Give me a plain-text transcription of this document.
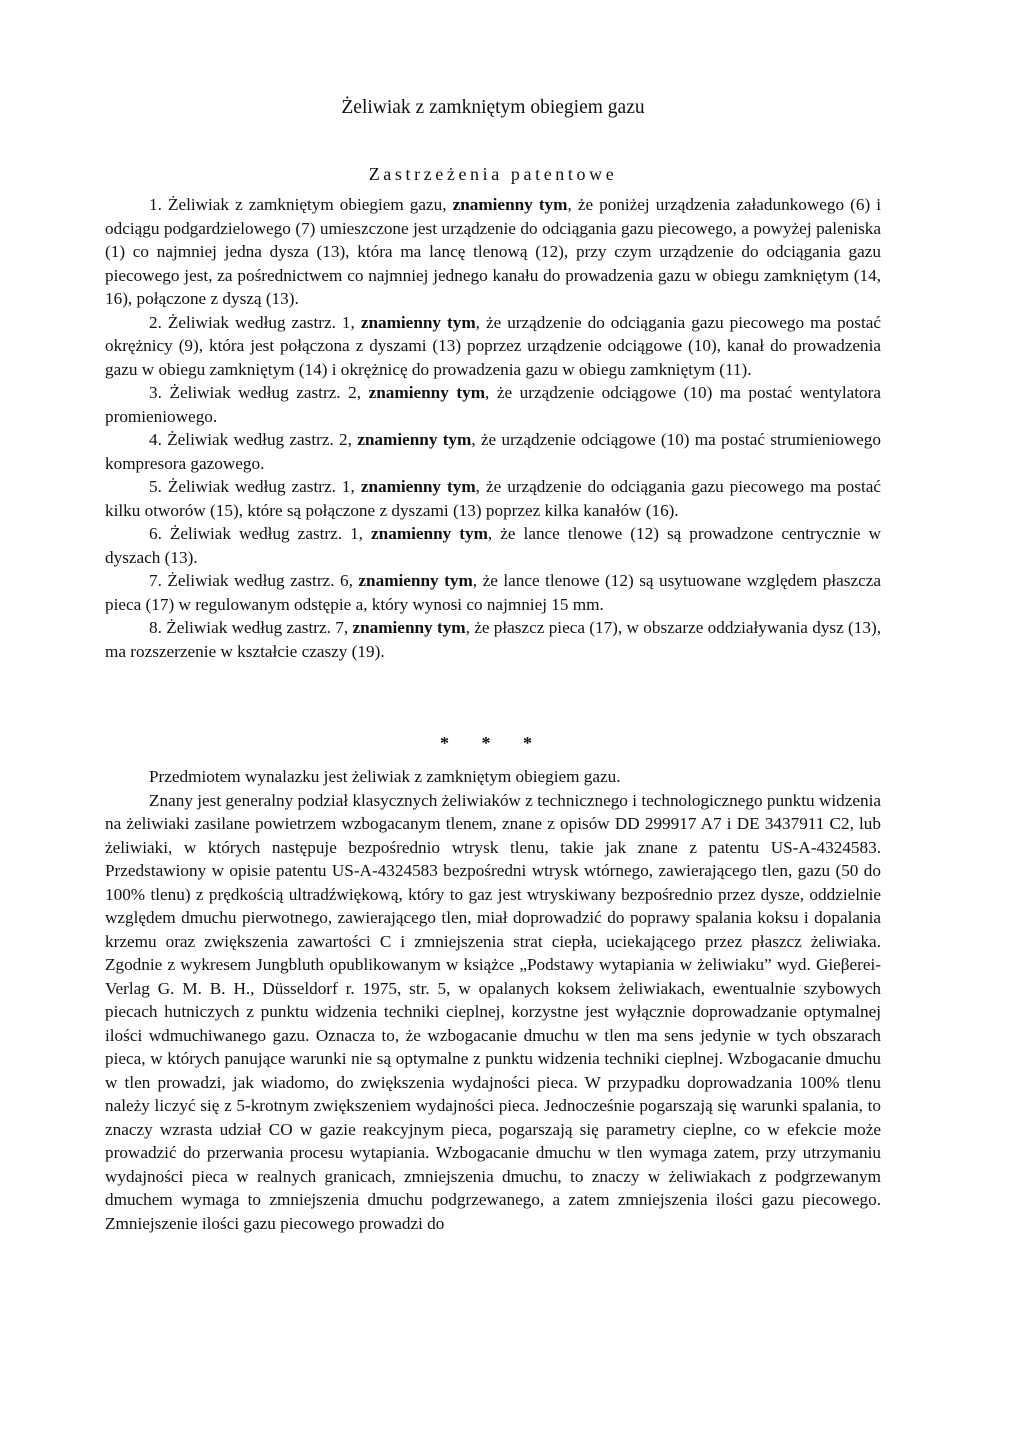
Żeliwiak z zamkniętym obiegiem gazu
Zastrzeżenia patentowe

1. Żeliwiak z zamkniętym obiegiem gazu, znamienny tym, że poniżej urządzenia załadunkowego (6) i odciągu podgardzielowego (7) umieszczone jest urządzenie do odciągania gazu piecowego, a powyżej paleniska (1) co najmniej jedna dysza (13), która ma lancę tlenową (12), przy czym urządzenie do odciągania gazu piecowego jest, za pośrednictwem co najmniej jednego kanału do prowadzenia gazu w obiegu zamkniętym (14, 16), połączone z dyszą (13).

2. Żeliwiak według zastrz. 1, znamienny tym, że urządzenie do odciągania gazu piecowego ma postać okrężnicy (9), która jest połączona z dyszami (13) poprzez urządzenie odciągowe (10), kanał do prowadzenia gazu w obiegu zamkniętym (14) i okrężnicę do prowadzenia gazu w obiegu zamkniętym (11).

3. Żeliwiak według zastrz. 2, znamienny tym, że urządzenie odciągowe (10) ma postać wentylatora promieniowego.

4. Żeliwiak według zastrz. 2, znamienny tym, że urządzenie odciągowe (10) ma postać strumieniowego kompresora gazowego.

5. Żeliwiak według zastrz. 1, znamienny tym, że urządzenie do odciągania gazu piecowego ma postać kilku otworów (15), które są połączone z dyszami (13) poprzez kilka kanałów (16).

6. Żeliwiak według zastrz. 1, znamienny tym, że lance tlenowe (12) są prowadzone centrycznie w dyszach (13).

7. Żeliwiak według zastrz. 6, znamienny tym, że lance tlenowe (12) są usytuowane względem płaszcza pieca (17) w regulowanym odstępie a, który wynosi co najmniej 15 mm.

8. Żeliwiak według zastrz. 7, znamienny tym, że płaszcz pieca (17), w obszarze oddziaływania dysz (13), ma rozszerzenie w kształcie czaszy (19).

* * *

Przedmiotem wynalazku jest żeliwiak z zamkniętym obiegiem gazu.

Znany jest generalny podział klasycznych żeliwiaków z technicznego i technologicznego punktu widzenia na żeliwiaki zasilane powietrzem wzbogacanym tlenem, znane z opisów DD 299917 A7 i DE 3437911 C2, lub żeliwiaki, w których następuje bezpośrednio wtrysk tlenu, takie jak znane z patentu US-A-4324583. Przedstawiony w opisie patentu US-A-4324583 bezpośredni wtrysk wtórnego, zawierającego tlen, gazu (50 do 100% tlenu) z prędkością ultradźwiękową, który to gaz jest wtryskiwany bezpośrednio przez dysze, oddzielnie względem dmuchu pierwotnego, zawierającego tlen, miał doprowadzić do poprawy spalania koksu i dopalania krzemu oraz zwiększenia zawartości C i zmniejszenia strat ciepła, uciekającego przez płaszcz żeliwiaka. Zgodnie z wykresem Jungbluth opublikowanym w książce „Podstawy wytapiania w żeliwiaku” wyd. Gieβerei-Verlag G. M. B. H., Düsseldorf r. 1975, str. 5, w opalanych koksem żeliwiakach, ewentualnie szybowych piecach hutniczych z punktu widzenia techniki cieplnej, korzystne jest wyłącznie doprowadzanie optymalnej ilości wdmuchiwanego gazu. Oznacza to, że wzbogacanie dmuchu w tlen ma sens jedynie w tych obszarach pieca, w których panujące warunki nie są optymalne z punktu widzenia techniki cieplnej. Wzbogacanie dmuchu w tlen prowadzi, jak wiadomo, do zwiększenia wydajności pieca. W przypadku doprowadzania 100% tlenu należy liczyć się z 5-krotnym zwiększeniem wydajności pieca. Jednocześnie pogarszają się warunki spalania, to znaczy wzrasta udział CO w gazie reakcyjnym pieca, pogarszają się parametry cieplne, co w efekcie może prowadzić do przerwania procesu wytapiania. Wzbogacanie dmuchu w tlen wymaga zatem, przy utrzymaniu wydajności pieca w realnych granicach, zmniejszenia dmuchu, to znaczy w żeliwiakach z podgrzewanym dmuchem wymaga to zmniejszenia dmuchu podgrzewanego, a zatem zmniejszenia ilości gazu piecowego. Zmniejszenie ilości gazu piecowego prowadzi do
